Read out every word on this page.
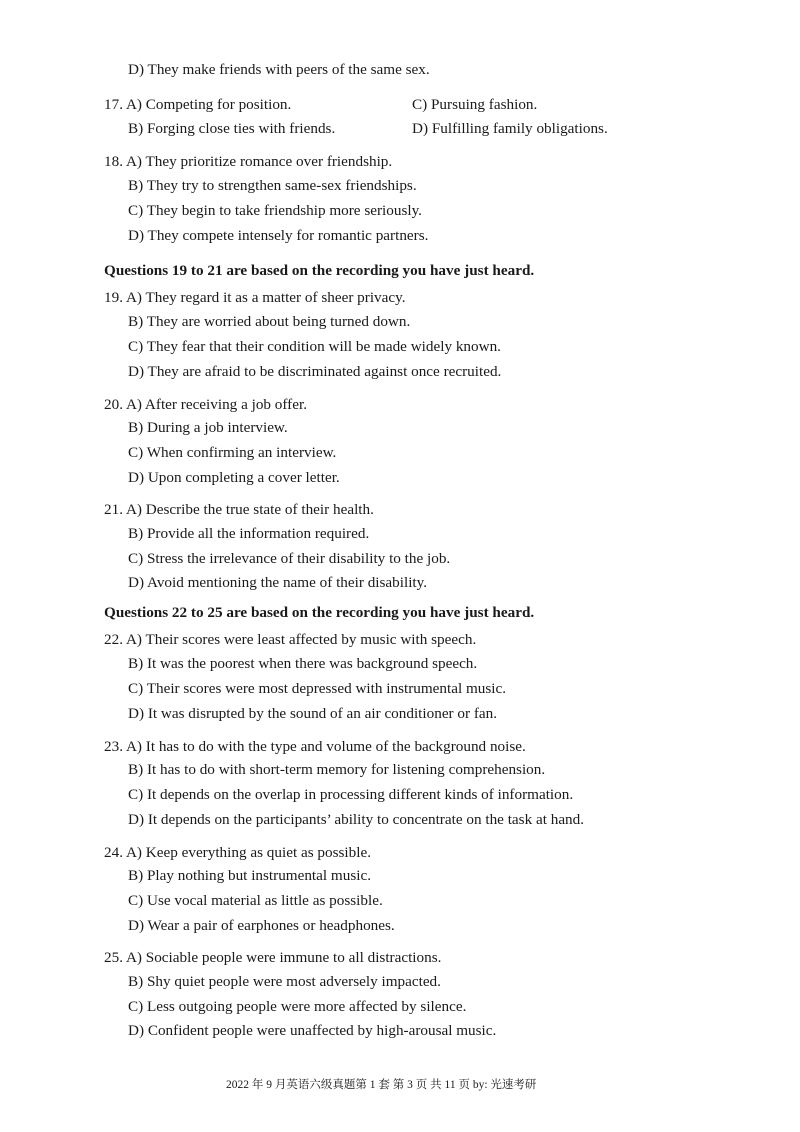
D) They make friends with peers of the same sex.
17. A) Competing for position.	C) Pursuing fashion.
B) Forging close ties with friends.	D) Fulfilling family obligations.
18. A) They prioritize romance over friendship.
B) They try to strengthen same-sex friendships.
C) They begin to take friendship more seriously.
D) They compete intensely for romantic partners.
Questions 19 to 21 are based on the recording you have just heard.
19. A) They regard it as a matter of sheer privacy.
B) They are worried about being turned down.
C) They fear that their condition will be made widely known.
D) They are afraid to be discriminated against once recruited.
20. A) After receiving a job offer.
B) During a job interview.
C) When confirming an interview.
D) Upon completing a cover letter.
21. A) Describe the true state of their health.
B) Provide all the information required.
C) Stress the irrelevance of their disability to the job.
D) Avoid mentioning the name of their disability.
Questions 22 to 25 are based on the recording you have just heard.
22. A) Their scores were least affected by music with speech.
B) It was the poorest when there was background speech.
C) Their scores were most depressed with instrumental music.
D) It was disrupted by the sound of an air conditioner or fan.
23. A) It has to do with the type and volume of the background noise.
B) It has to do with short-term memory for listening comprehension.
C) It depends on the overlap in processing different kinds of information.
D) It depends on the participants’ ability to concentrate on the task at hand.
24. A) Keep everything as quiet as possible.
B) Play nothing but instrumental music.
C) Use vocal material as little as possible.
D) Wear a pair of earphones or headphones.
25. A) Sociable people were immune to all distractions.
B) Shy quiet people were most adversely impacted.
C) Less outgoing people were more affected by silence.
D) Confident people were unaffected by high-arousal music.
2022 年 9 月英语六级真题第 1 套 第 3 页 共 11 页 by: 光速考研
